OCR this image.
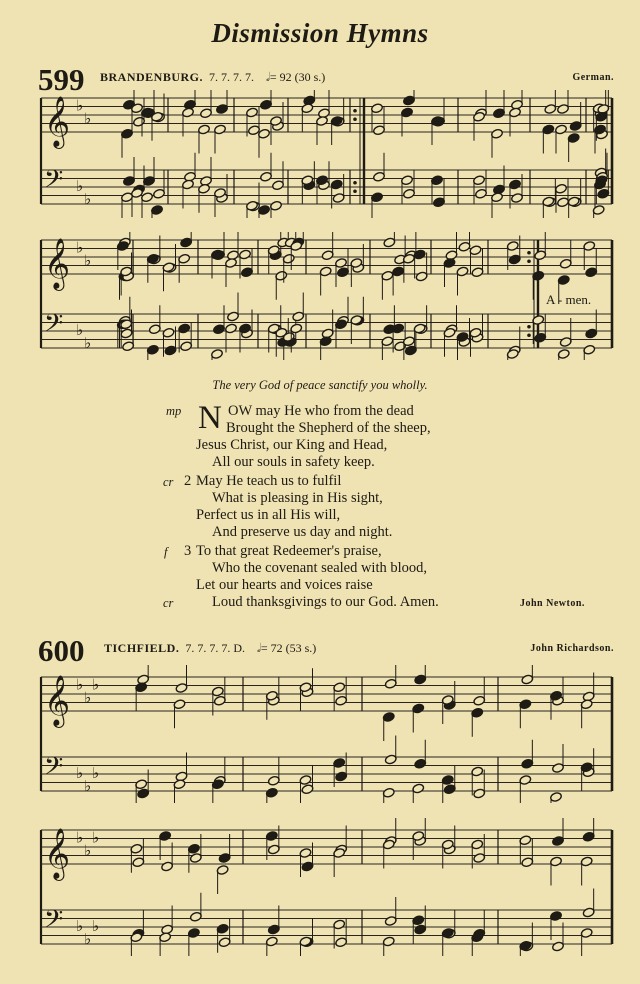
Dismission Hymns
599 BRANDENBURG. 7. 7. 7. 7. 𝅗𝅥= 92 (30 s.)	German.
𝄞 ♭
♭
𝄢 ♭
♭
𝄞 ♭
♭
𝄢 ♭
♭
A - men.
The very God of peace sanctify you wholly.
mp N OW may He who from the dead
Brought the Shepherd of the sheep,
Jesus Christ, our King and Head,
All our souls in safety keep.
cr 2 May He teach us to fulfil
What is pleasing in His sight,
Perfect us in all His will,
And preserve us day and night.
f 3 To that great Redeemer's praise,
Who the covenant sealed with blood,
Let our hearts and voices raise
cr	Loud thanksgivings to our God. Amen.	John Newton.
600 TICHFIELD. 7. 7. 7. 7. D. 𝅗𝅥= 72 (53 s.)	John Richardson.
𝄞 ♭
♭
♭
𝄢 ♭
♭
♭
𝄞 ♭
♭
♭
𝄢 ♭
♭
♭
